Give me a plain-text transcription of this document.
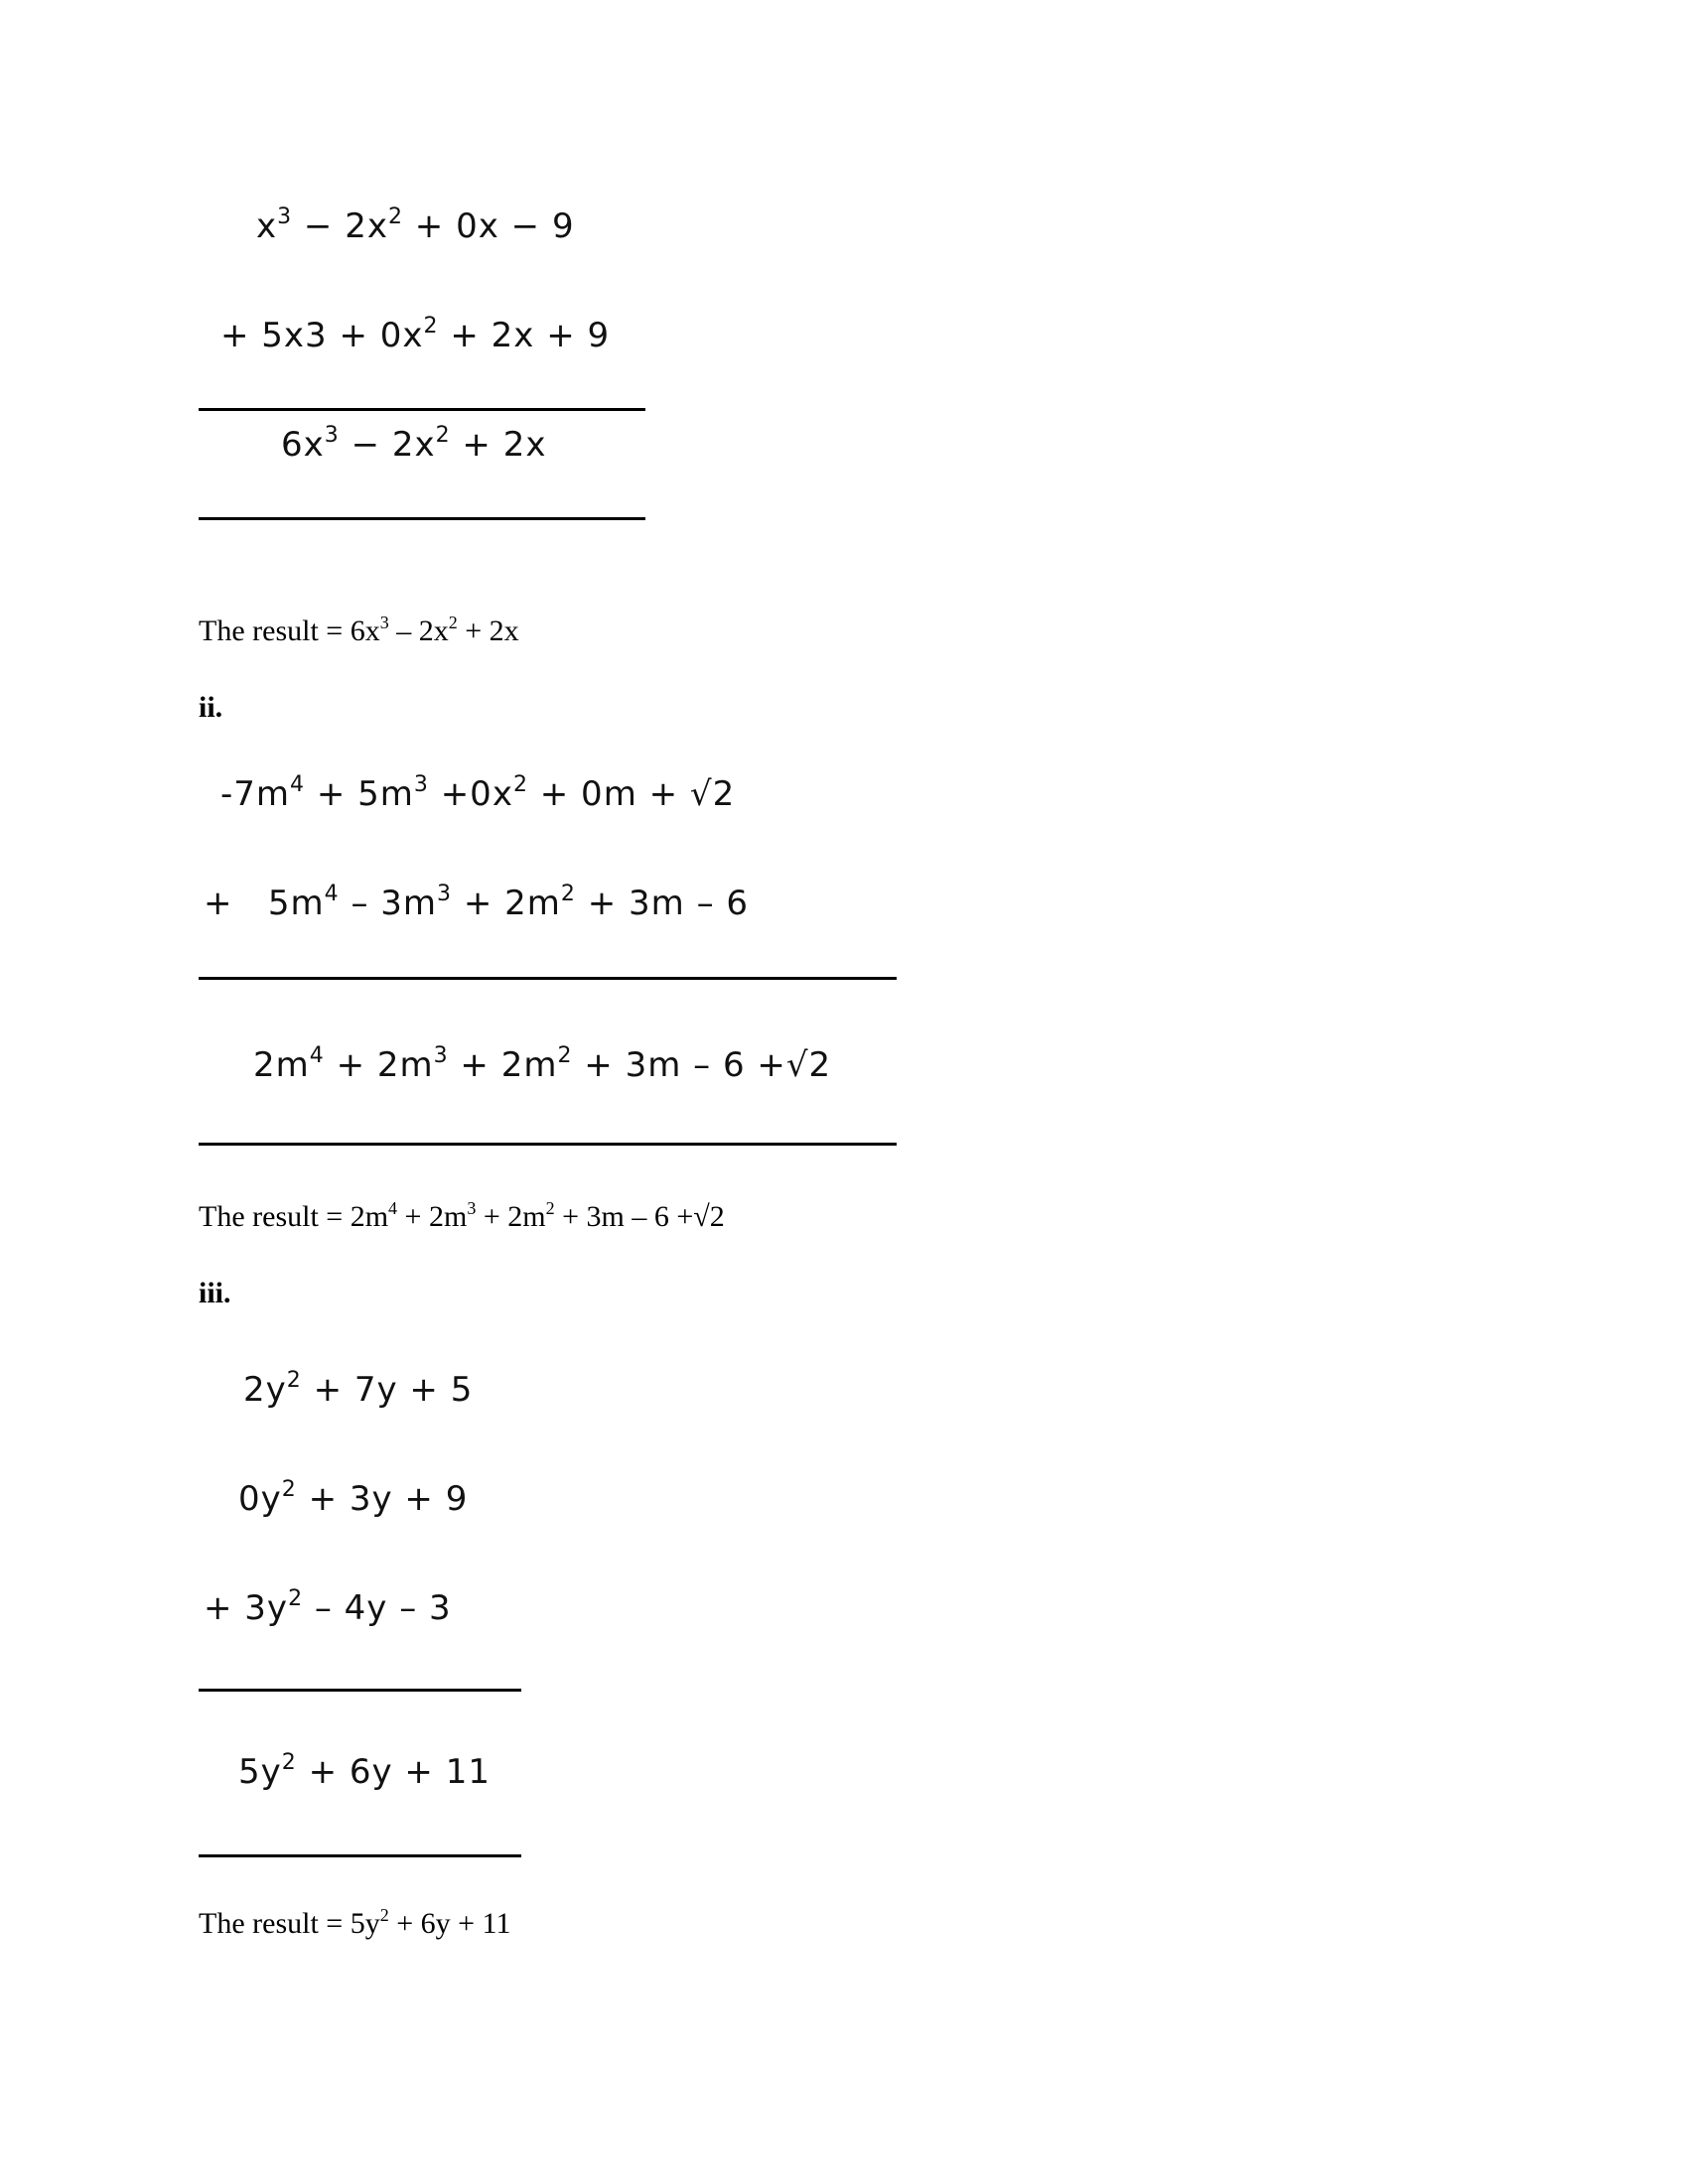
$x^3 - 2x^2 + 0x - 9$
+ $5x3 + 0x^2 + 2x + 9$
$6x^3 - 2x^2 + 2x$
The result = $6x^3 - 2x^2 + 2x$
ii.
$-7m^4 + 5m^3 +0x^2 + 0m + √2$
+   $5m^4 - 3m^3 + 2m^2 + 3m - 6$
$2m^4 + 2m^3 + 2m^2 + 3m - 6 +√2$
The result = $2m^4 + 2m^3 + 2m^2 + 3m - 6 +√2$
iii.
$2y^2 + 7y + 5$
$0y^2 + 3y + 9$
+ $3y^2 - 4y - 3$
$5y^2 + 6y + 11$
The result = $5y^2 + 6y + 11$
